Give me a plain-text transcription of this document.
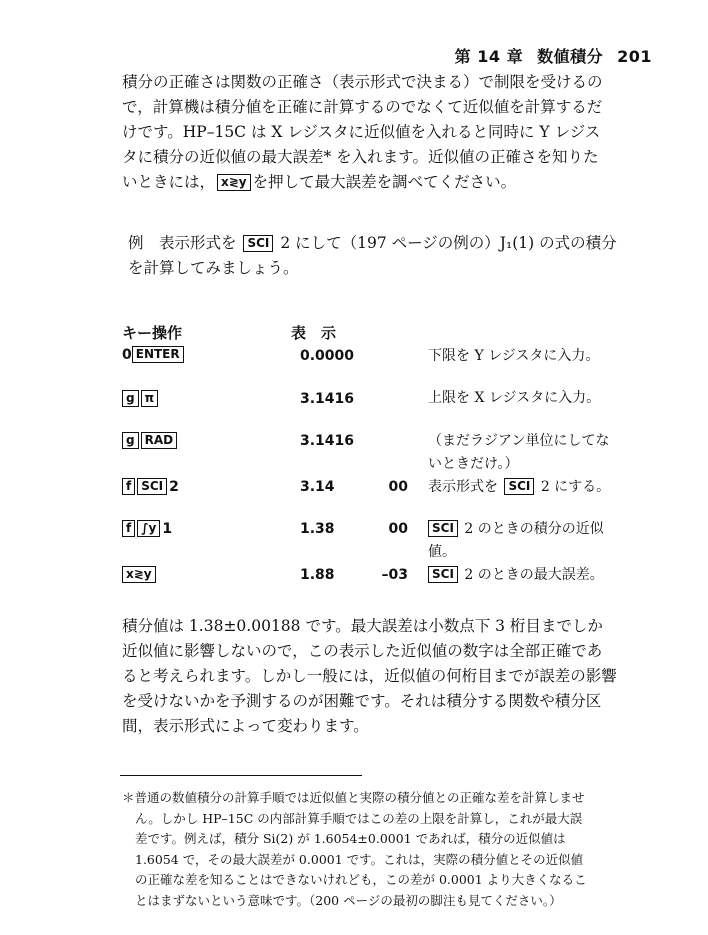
第 14 章 数値積分 201
積分の正確さは関数の正確さ（表示形式で決まる）で制限を受けるの
で，計算機は積分値を正確に計算するのでなくて近似値を計算するだ
けです。HP–15C は X レジスタに近似値を入れると同時に Y レジス
タに積分の近似値の最大誤差* を入れます。近似値の正確さを知りた
いときには， x≷y を押して最大誤差を調べてください。
例　表示形式を SCI 2 にして（197 ページの例の）J₁(1) の式の積分
を計算してみましょう。
キー操作	表　示
0 ENTER	0.0000	下限を Y レジスタに入力。
g π	3.1416	上限を X レジスタに入力。
g RAD	3.1416	（まだラジアン単位にしてな
いときだけ。）
f SCI 2	3.14	00 表示形式を SCI 2 にする。
f ∫y 1	1.38	00	SCI 2 のときの積分の近似
値。
x≷y	1.88	–03	SCI 2 のときの最大誤差。
積分値は 1.38±0.00188 です。最大誤差は小数点下 3 桁目までしか
近似値に影響しないので，この表示した近似値の数字は全部正確であ
ると考えられます。しかし一般には，近似値の何桁目までが誤差の影響
を受けないかを予測するのが困難です。それは積分する関数や積分区
間，表示形式によって変わります。
＊普通の数値積分の計算手順では近似値と実際の積分値との正確な差を計算しませ
ん。しかし HP–15C の内部計算手順ではこの差の上限を計算し，これが最大誤
差です。例えば，積分 Si(2) が 1.6054±0.0001 であれば，積分の近似値は
1.6054 で，その最大誤差が 0.0001 です。これは，実際の積分値とその近似値
の正確な差を知ることはできないけれども，この差が 0.0001 より大きくなるこ
とはまずないという意味です。（200 ページの最初の脚注も見てください。）
